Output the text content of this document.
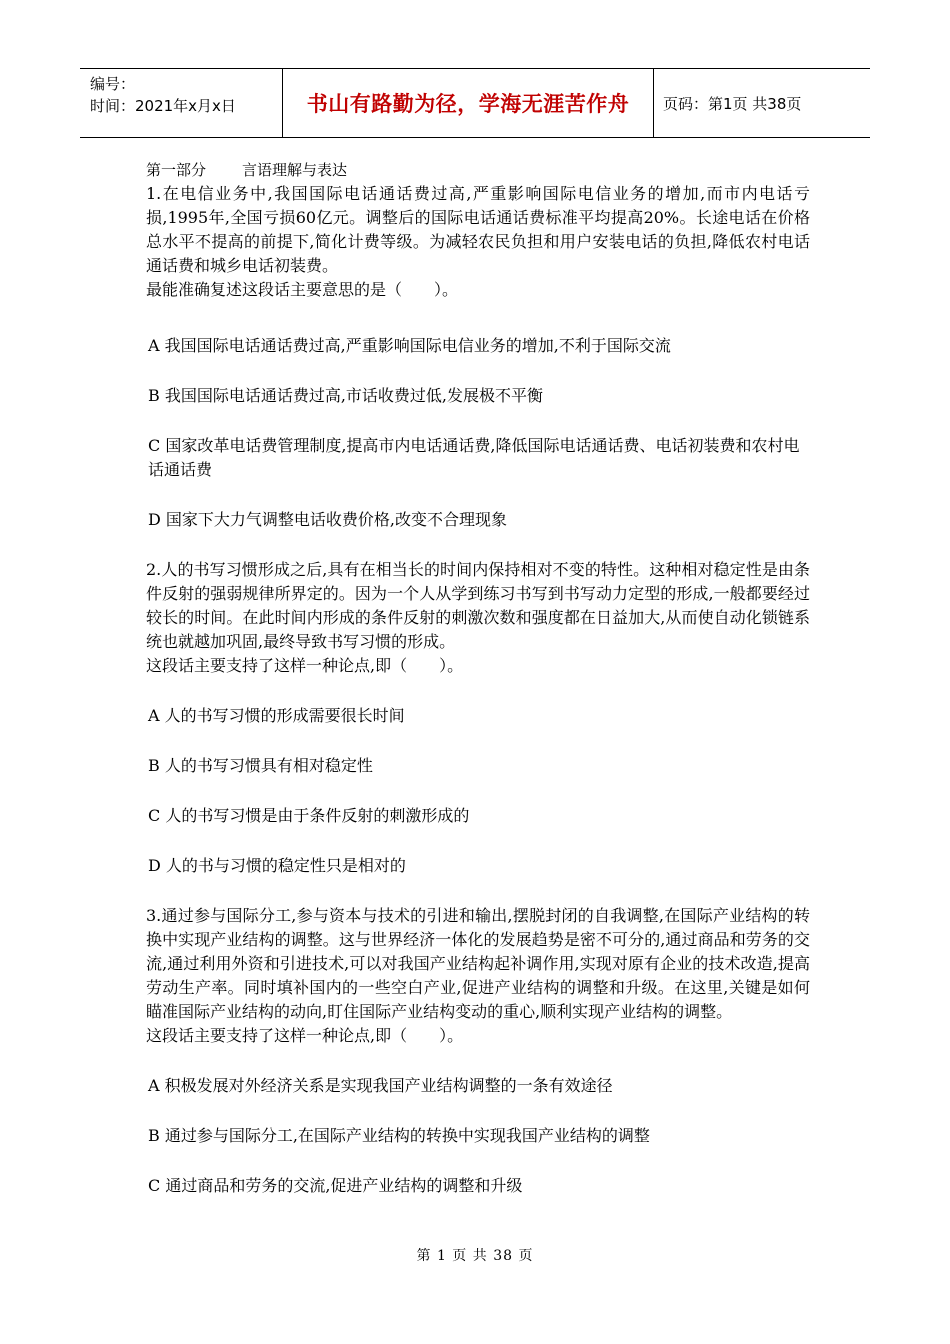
编号：
时间：2021年x月x日	书山有路勤为径，学海无涯苦作舟	页码：第1页 共38页

第一部分 言语理解与表达

1.在电信业务中,我国国际电话通话费过高,严重影响国际电信业务的增加,而市内电话亏损,1995年,全国亏损60亿元。调整后的国际电话通话费标准平均提高20%。长途电话在价格总水平不提高的前提下,简化计费等级。为减轻农民负担和用户安装电话的负担,降低农村电话通话费和城乡电话初装费。

最能准确复述这段话主要意思的是（　　）。

A 我国国际电话通话费过高,严重影响国际电信业务的增加,不利于国际交流

B 我国国际电话通话费过高,市话收费过低,发展极不平衡

C 国家改革电话费管理制度,提高市内电话通话费,降低国际电话通话费、电话初装费和农村电话通话费

D 国家下大力气调整电话收费价格,改变不合理现象

2.人的书写习惯形成之后,具有在相当长的时间内保持相对不变的特性。这种相对稳定性是由条件反射的强弱规律所界定的。因为一个人从学到练习书写到书写动力定型的形成,一般都要经过较长的时间。在此时间内形成的条件反射的刺激次数和强度都在日益加大,从而使自动化锁链系统也就越加巩固,最终导致书写习惯的形成。

这段话主要支持了这样一种论点,即（　　）。

A 人的书写习惯的形成需要很长时间

B 人的书写习惯具有相对稳定性

C 人的书写习惯是由于条件反射的刺激形成的

D 人的书与习惯的稳定性只是相对的

3.通过参与国际分工,参与资本与技术的引进和输出,摆脱封闭的自我调整,在国际产业结构的转换中实现产业结构的调整。这与世界经济一体化的发展趋势是密不可分的,通过商品和劳务的交流,通过利用外资和引进技术,可以对我国产业结构起补调作用,实现对原有企业的技术改造,提高劳动生产率。同时填补国内的一些空白产业,促进产业结构的调整和升级。在这里,关键是如何瞄准国际产业结构的动向,盯住国际产业结构变动的重心,顺利实现产业结构的调整。

这段话主要支持了这样一种论点,即（　　）。

A 积极发展对外经济关系是实现我国产业结构调整的一条有效途径

B 通过参与国际分工,在国际产业结构的转换中实现我国产业结构的调整

C 通过商品和劳务的交流,促进产业结构的调整和升级

第 1 页 共 38 页
